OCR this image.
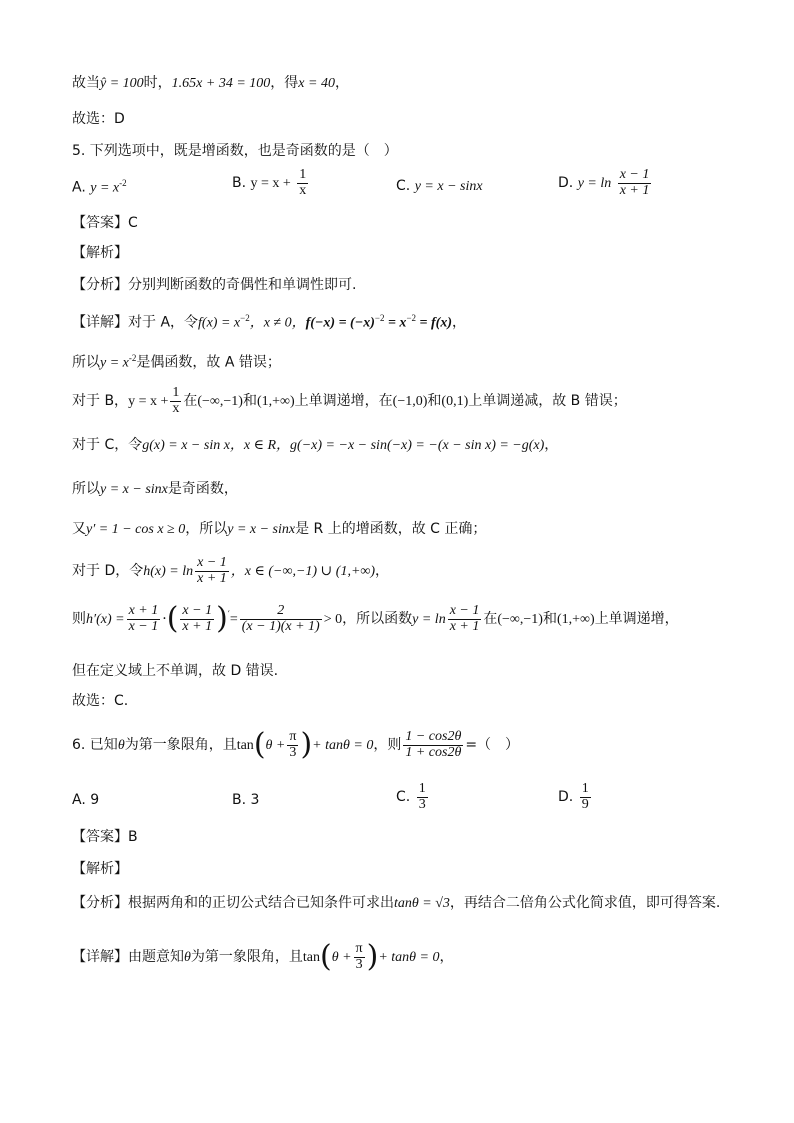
故当ŷ = 100时，1.65x + 34 = 100，得x = 40，
故选：D
5. 下列选项中，既是增函数，也是奇函数的是（　）
A. $y = x^{-2}$	B. $y = x + \frac{1}{x}$	C. y = x − sinx	D. $y = \ln \frac{x - 1}{x + 1}$
【答案】C
【解析】
【分析】分别判断函数的奇偶性和单调性即可.
【详解】对于 A，令$f(x) = x^{-2}$，x ≠ 0，$f(-x) = (-x)^{-2} = x^{-2} = f(x)$，
所以$y = x^{-2}$是偶函数，故 A 错误；
对于 B，$y = x + \frac{1}{x}$ 在(−∞,−1)和(1,+∞)上单调递增，在(−1,0)和(0,1)上单调递减，故 B 错误；
对于 C，令g(x) = x − sin x，x ∈ R，g(−x) = −x − sin(−x) = −(x − sin x) = −g(x)，
所以y = x − sinx是奇函数，
又y′ = 1 − cos x ≥ 0，所以y = x − sinx是 R 上的增函数，故 C 正确；
对于 D，令$h(x) = \ln \frac{x - 1}{x + 1}$ ，x ∈ (−∞,−1) ∪ (1,+∞)，
则$h'(x) = \frac{x + 1}{x - 1}$ ·( $\frac{x - 1}{x + 1} )'= \frac{2}{(x - 1)(x + 1)} > 0$，所以函数$y = \ln \frac{x - 1}{x + 1}$ 在(−∞,−1)和(1,+∞)上单调递增，
但在定义域上不单调，故 D 错误.
故选：C.
6. 已知θ为第一象限角，且$\tan(\theta + \frac{\pi}{3}$ )+ tanθ = 0，则 $\frac{1 - \cos 2\theta}{1 + \cos 2\theta}$ =（　）
A. 9	B. 3	C. $\frac{1}{3}$	D. $\frac{1}{9}$
【答案】B
【解析】
【分析】根据两角和的正切公式结合已知条件可求出tanθ = √3，再结合二倍角公式化简求值，即可得答案.
【详解】由题意知θ为第一象限角，且$\tan(\theta + \frac{\pi}{3}$ )+ tanθ = 0，
